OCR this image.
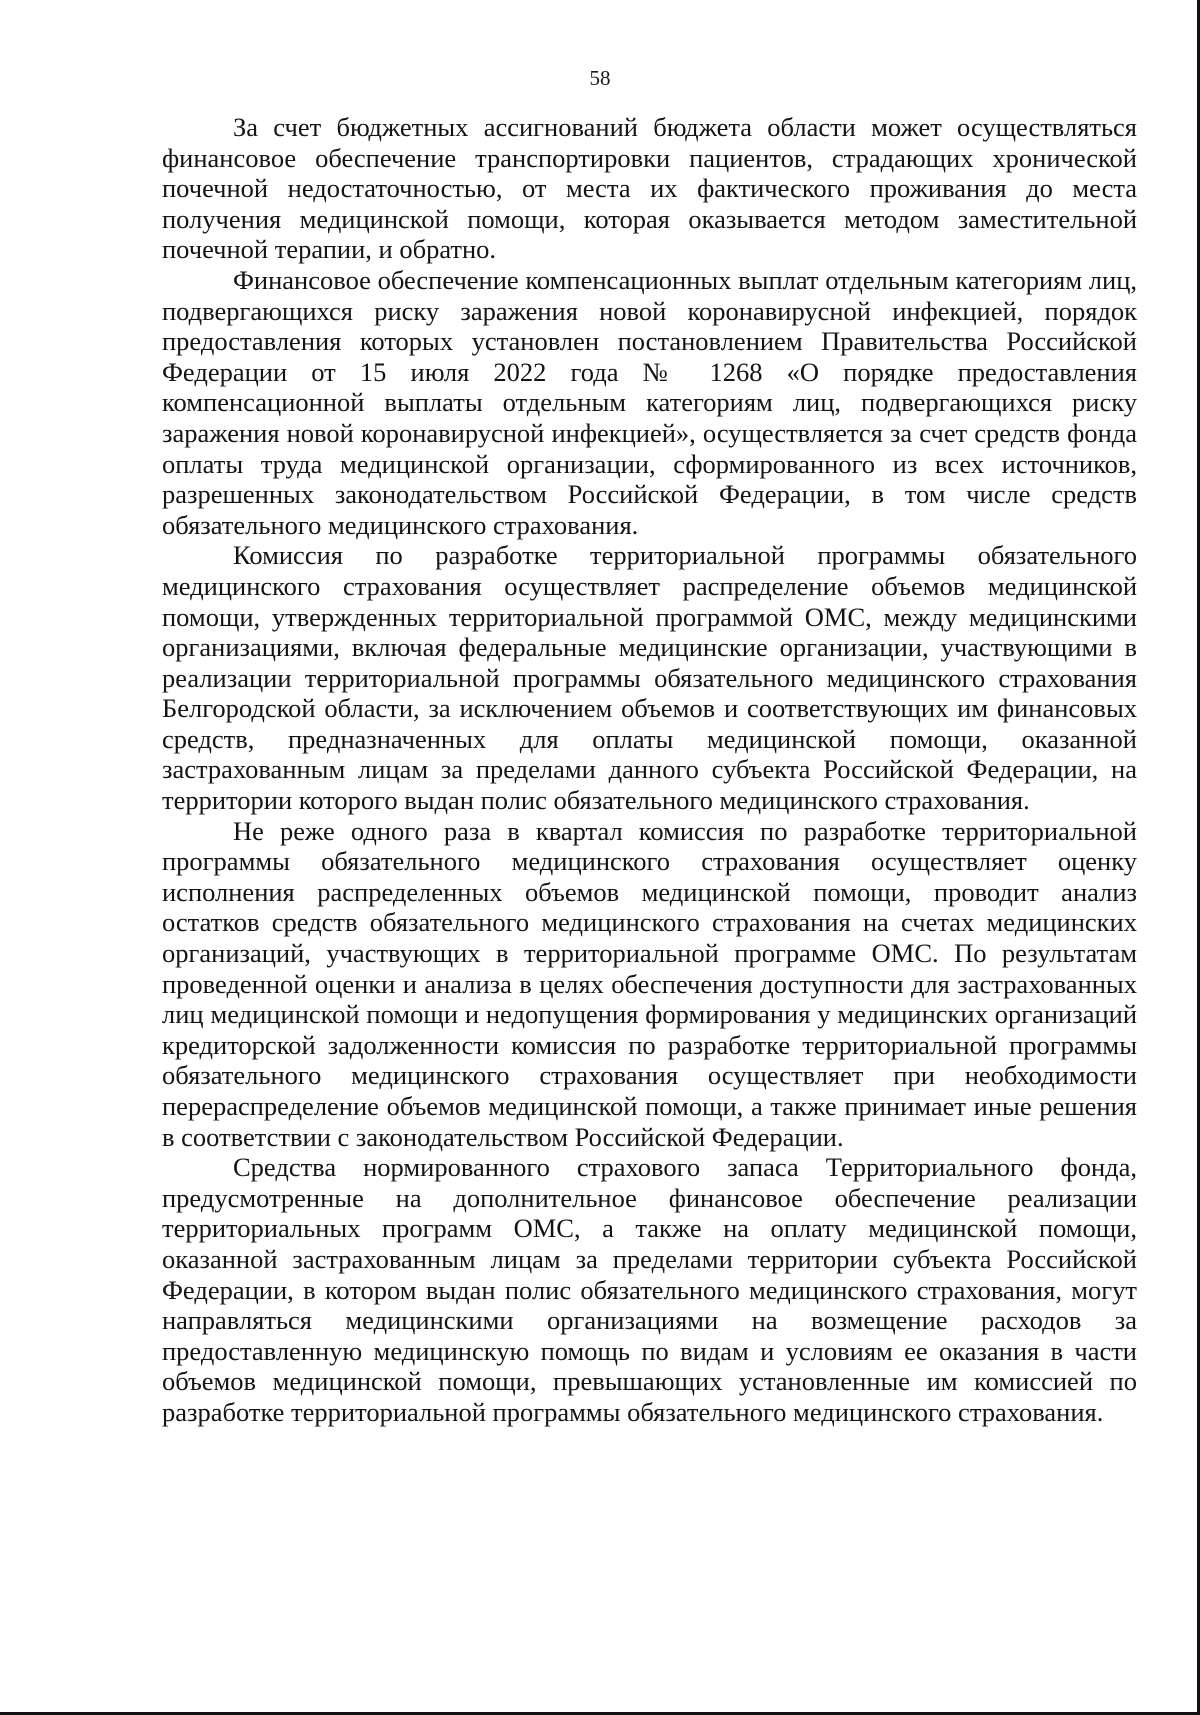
58

За счет бюджетных ассигнований бюджета области может осуществляться финансовое обеспечение транспортировки пациентов, страдающих хронической почечной недостаточностью, от места их фактического проживания до места получения медицинской помощи, которая оказывается методом заместительной почечной терапии, и обратно.

Финансовое обеспечение компенсационных выплат отдельным категориям лиц, подвергающихся риску заражения новой коронавирусной инфекцией, порядок предоставления которых установлен постановлением Правительства Российской Федерации от 15 июля 2022 года № 1268 «О порядке предоставления компенсационной выплаты отдельным категориям лиц, подвергающихся риску заражения новой коронавирусной инфекцией», осуществляется за счет средств фонда оплаты труда медицинской организации, сформированного из всех источников, разрешенных законодательством Российской Федерации, в том числе средств обязательного медицинского страхования.

Комиссия по разработке территориальной программы обязательного медицинского страхования осуществляет распределение объемов медицинской помощи, утвержденных территориальной программой ОМС, между медицинскими организациями, включая федеральные медицинские организации, участвующими в реализации территориальной программы обязательного медицинского страхования Белгородской области, за исключением объемов и соответствующих им финансовых средств, предназначенных для оплаты медицинской помощи, оказанной застрахованным лицам за пределами данного субъекта Российской Федерации, на территории которого выдан полис обязательного медицинского страхования.

Не реже одного раза в квартал комиссия по разработке территориальной программы обязательного медицинского страхования осуществляет оценку исполнения распределенных объемов медицинской помощи, проводит анализ остатков средств обязательного медицинского страхования на счетах медицинских организаций, участвующих в территориальной программе ОМС. По результатам проведенной оценки и анализа в целях обеспечения доступности для застрахованных лиц медицинской помощи и недопущения формирования у медицинских организаций кредиторской задолженности комиссия по разработке территориальной программы обязательного медицинского страхования осуществляет при необходимости перераспределение объемов медицинской помощи, а также принимает иные решения в соответствии с законодательством Российской Федерации.

Средства нормированного страхового запаса Территориального фонда, предусмотренные на дополнительное финансовое обеспечение реализации территориальных программ ОМС, а также на оплату медицинской помощи, оказанной застрахованным лицам за пределами территории субъекта Российской Федерации, в котором выдан полис обязательного медицинского страхования, могут направляться медицинскими организациями на возмещение расходов за предоставленную медицинскую помощь по видам и условиям ее оказания в части объемов медицинской помощи, превышающих установленные им комиссией по разработке территориальной программы обязательного медицинского страхования.
